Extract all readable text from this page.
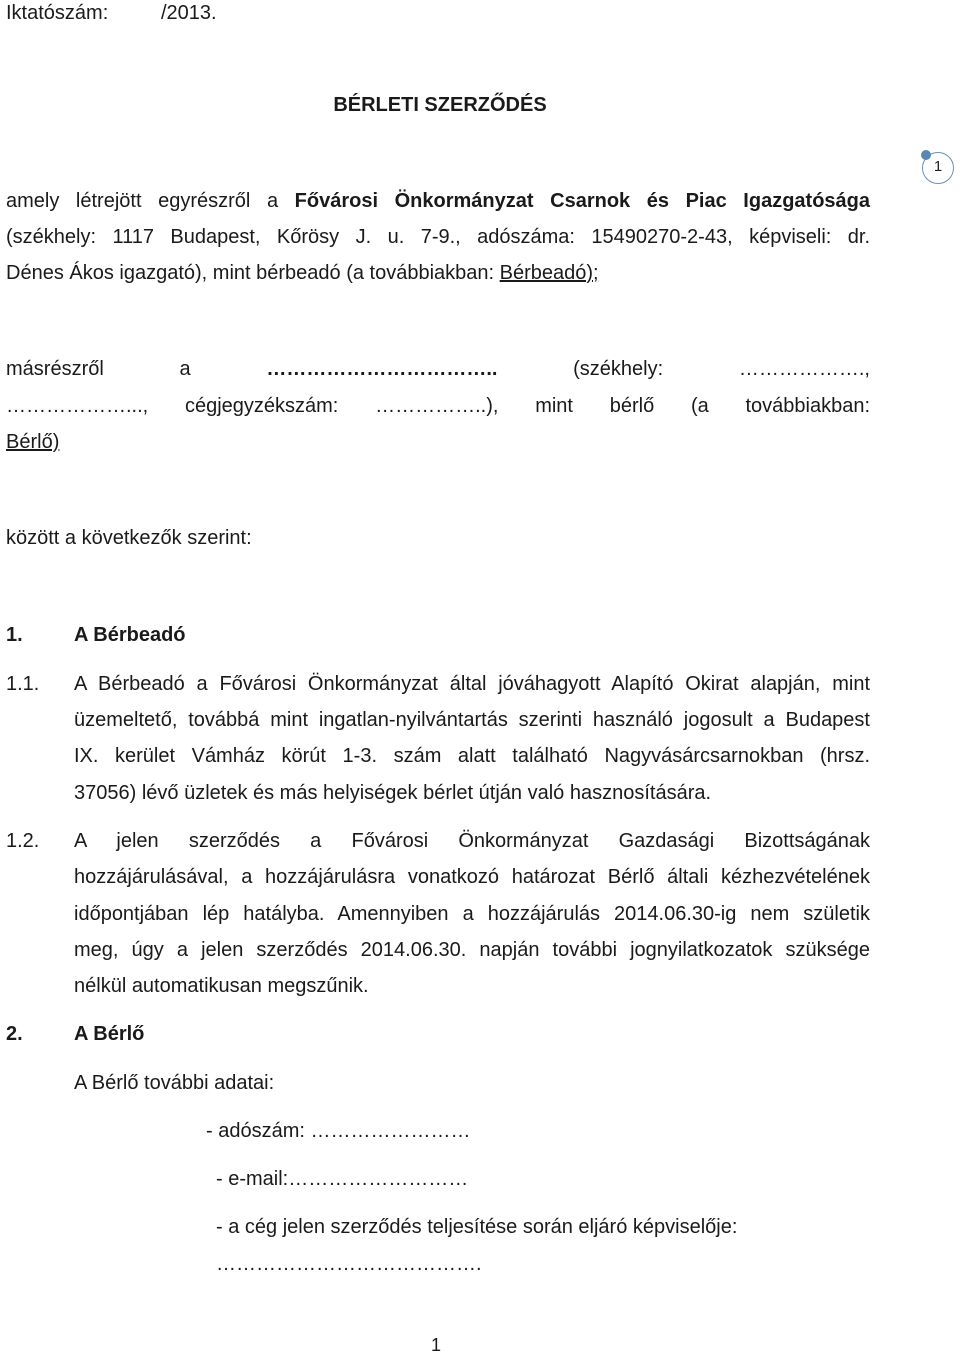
Iktatószám:	/2013.
BÉRLETI SZERZŐDÉS
1
amely létrejött egyrészről a Fővárosi Önkormányzat Csarnok és Piac Igazgatósága
(székhely: 1117 Budapest, Kőrösy J. u. 7-9., adószáma: 15490270-2-43, képviseli: dr.
Dénes Ákos igazgató), mint bérbeadó (a továbbiakban: Bérbeadó);
másrészről a	……………………………..	(székhely:	……………….,
………………..., cégjegyzékszám: ……………..), mint bérlő (a továbbiakban:
Bérlő)
között a következők szerint:
1.	A Bérbeadó
1.1. A Bérbeadó a Fővárosi Önkormányzat által jóváhagyott Alapító Okirat alapján, mint
üzemeltető, továbbá mint ingatlan-nyilvántartás szerinti használó jogosult a Budapest
IX. kerület Vámház körút 1-3. szám alatt található Nagyvásárcsarnokban (hrsz.
37056) lévő üzletek és más helyiségek bérlet útján való hasznosítására.
1.2. A jelen szerződés a Fővárosi Önkormányzat Gazdasági Bizottságának
hozzájárulásával, a hozzájárulásra vonatkozó határozat Bérlő általi kézhezvételének
időpontjában lép hatályba. Amennyiben a hozzájárulás 2014.06.30-ig nem születik
meg, úgy a jelen szerződés 2014.06.30. napján további jognyilatkozatok szüksége
nélkül automatikusan megszűnik.
2.	A Bérlő
A Bérlő további adatai:
- adószám: ……………………
- e-mail:………………………
- a cég jelen szerződés teljesítése során eljáró képviselője:
………………………………….
1
